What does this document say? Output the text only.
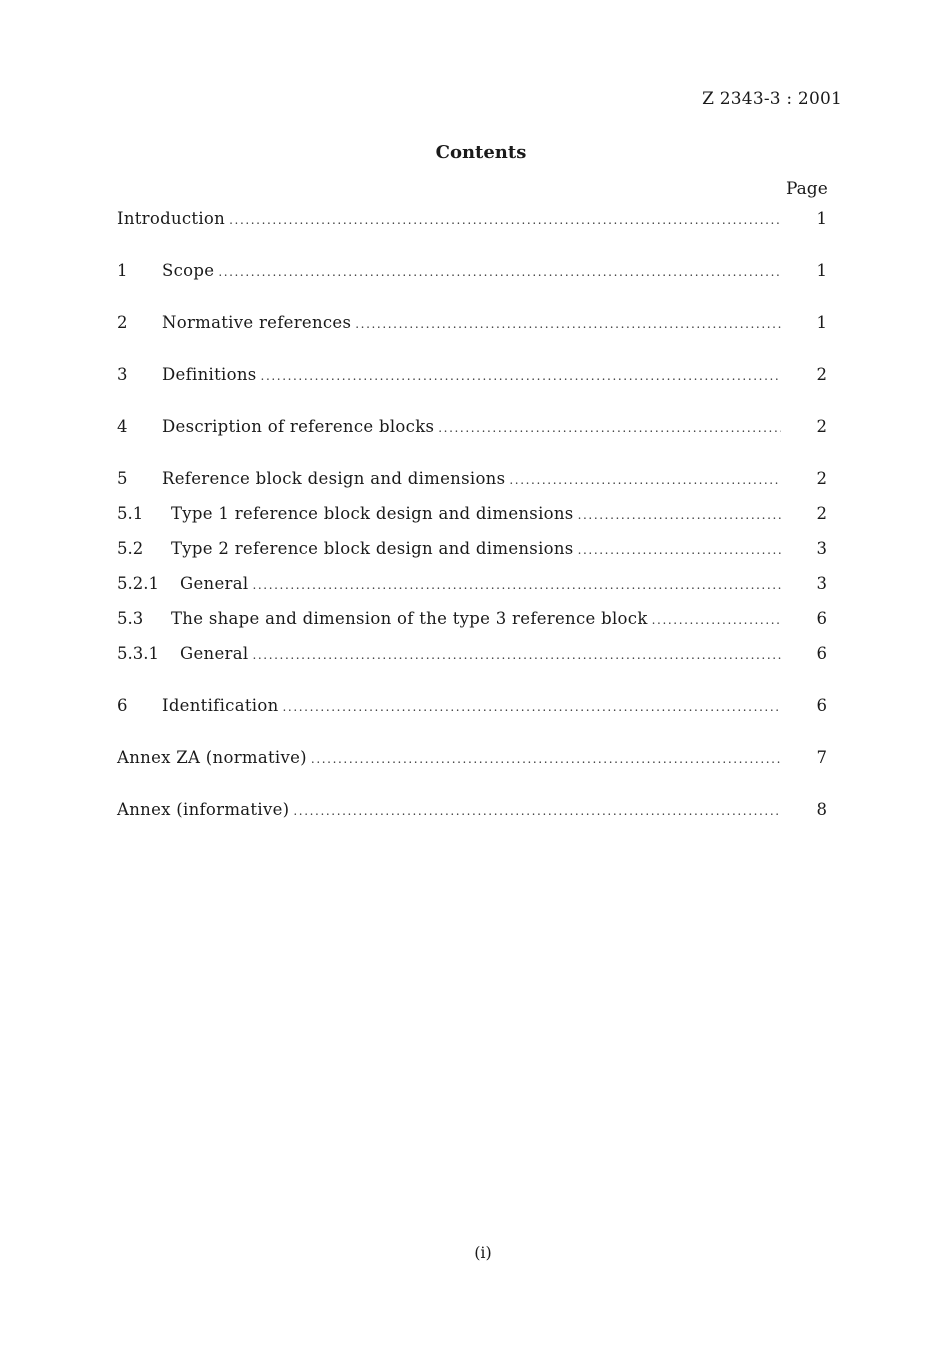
Z 2343-3 : 2001
Contents
Page
Introduction .....	1
1	Scope .....	1
2	Normative references .....	1
3	Definitions .....	2
4	Description of reference blocks .....	2
5	Reference block design and dimensions .....	2
5.1	Type 1 reference block design and dimensions .....	2
5.2	Type 2 reference block design and dimensions .....	3
5.2.1	General .....	3
5.3	The shape and dimension of the type 3 reference block .....	6
5.3.1	General .....	6
6	Identification .....	6
Annex ZA (normative) .....	7
Annex (informative) .....	8
(i)
